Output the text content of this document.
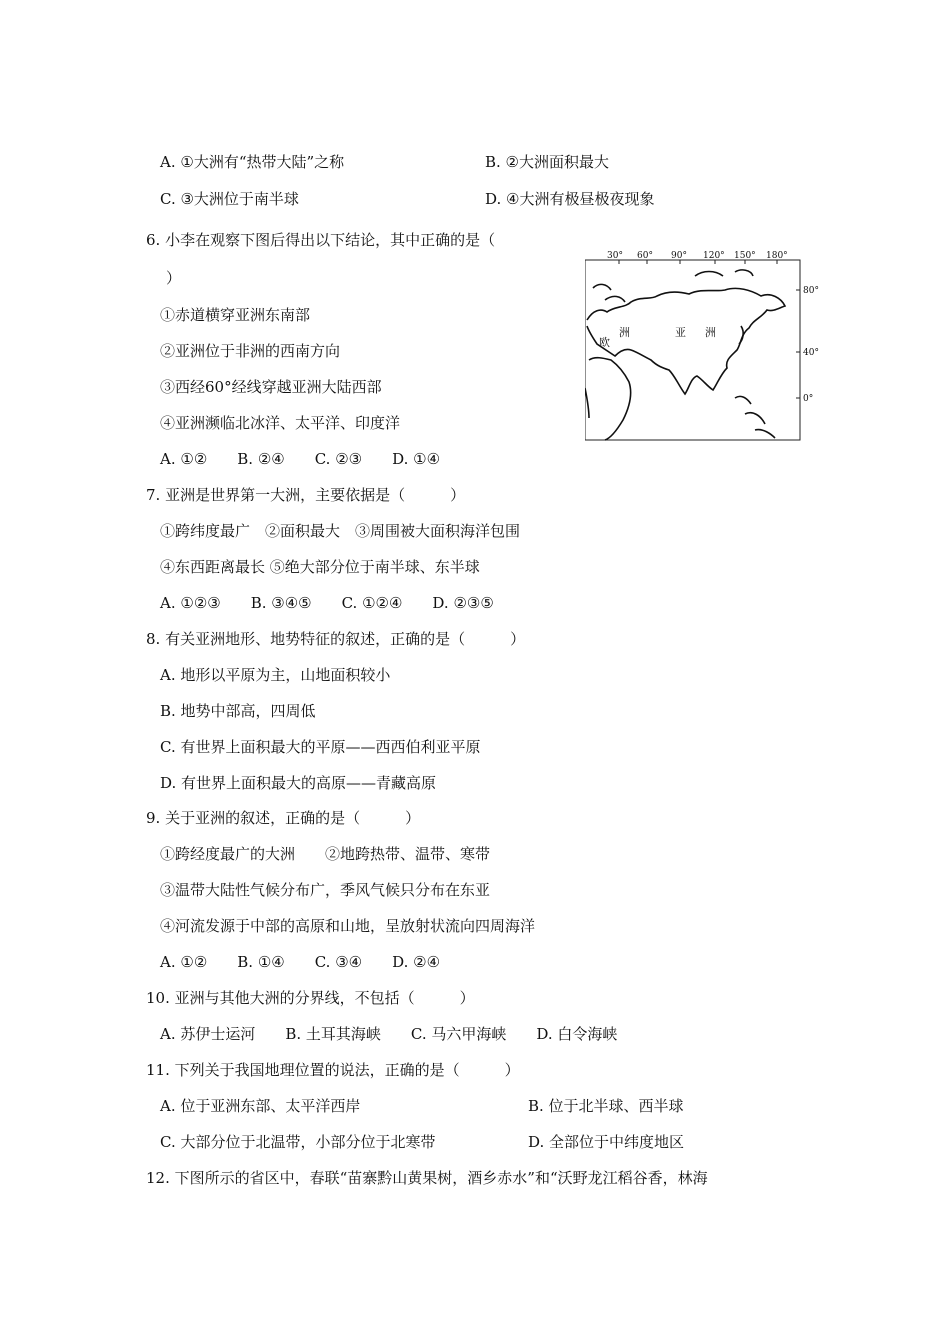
A. ①大洲有“热带大陆”之称	B. ②大洲面积最大
C. ③大洲位于南半球	D. ④大洲有极昼极夜现象
6. 小李在观察下图后得出以下结论，其中正确的是（
）
①赤道横穿亚洲东南部
②亚洲位于非洲的西南方向
③西经60°经线穿越亚洲大陆西部
④亚洲濒临北冰洋、太平洋、印度洋
A. ①②　　B. ②④　　C. ②③　　D. ①④
30° 60° 90° 120° 150° 180°
80°
40°
0°
欧
洲	亚 洲
7. 亚洲是世界第一大洲，主要依据是（　　　）
①跨纬度最广　②面积最大　③周围被大面积海洋包围
④东西距离最长 ⑤绝大部分位于南半球、东半球
A. ①②③　　B. ③④⑤　　C. ①②④　　D. ②③⑤
8. 有关亚洲地形、地势特征的叙述，正确的是（　　　）
A. 地形以平原为主，山地面积较小
B. 地势中部高，四周低
C. 有世界上面积最大的平原——西西伯利亚平原
D. 有世界上面积最大的高原——青藏高原
9. 关于亚洲的叙述，正确的是（　　　）
①跨经度最广的大洲　　②地跨热带、温带、寒带
③温带大陆性气候分布广，季风气候只分布在东亚
④河流发源于中部的高原和山地，呈放射状流向四周海洋
A. ①②　　B. ①④　　C. ③④　　D. ②④
10. 亚洲与其他大洲的分界线，不包括（　　　）
A. 苏伊士运河　　B. 土耳其海峡　　C. 马六甲海峡　　D. 白令海峡
11. 下列关于我国地理位置的说法，正确的是（　　　）
A. 位于亚洲东部、太平洋西岸	B. 位于北半球、西半球
C. 大部分位于北温带，小部分位于北寒带	D. 全部位于中纬度地区
12. 下图所示的省区中，春联“苗寨黔山黄果树，酒乡赤水”和“沃野龙江稻谷香，林海
